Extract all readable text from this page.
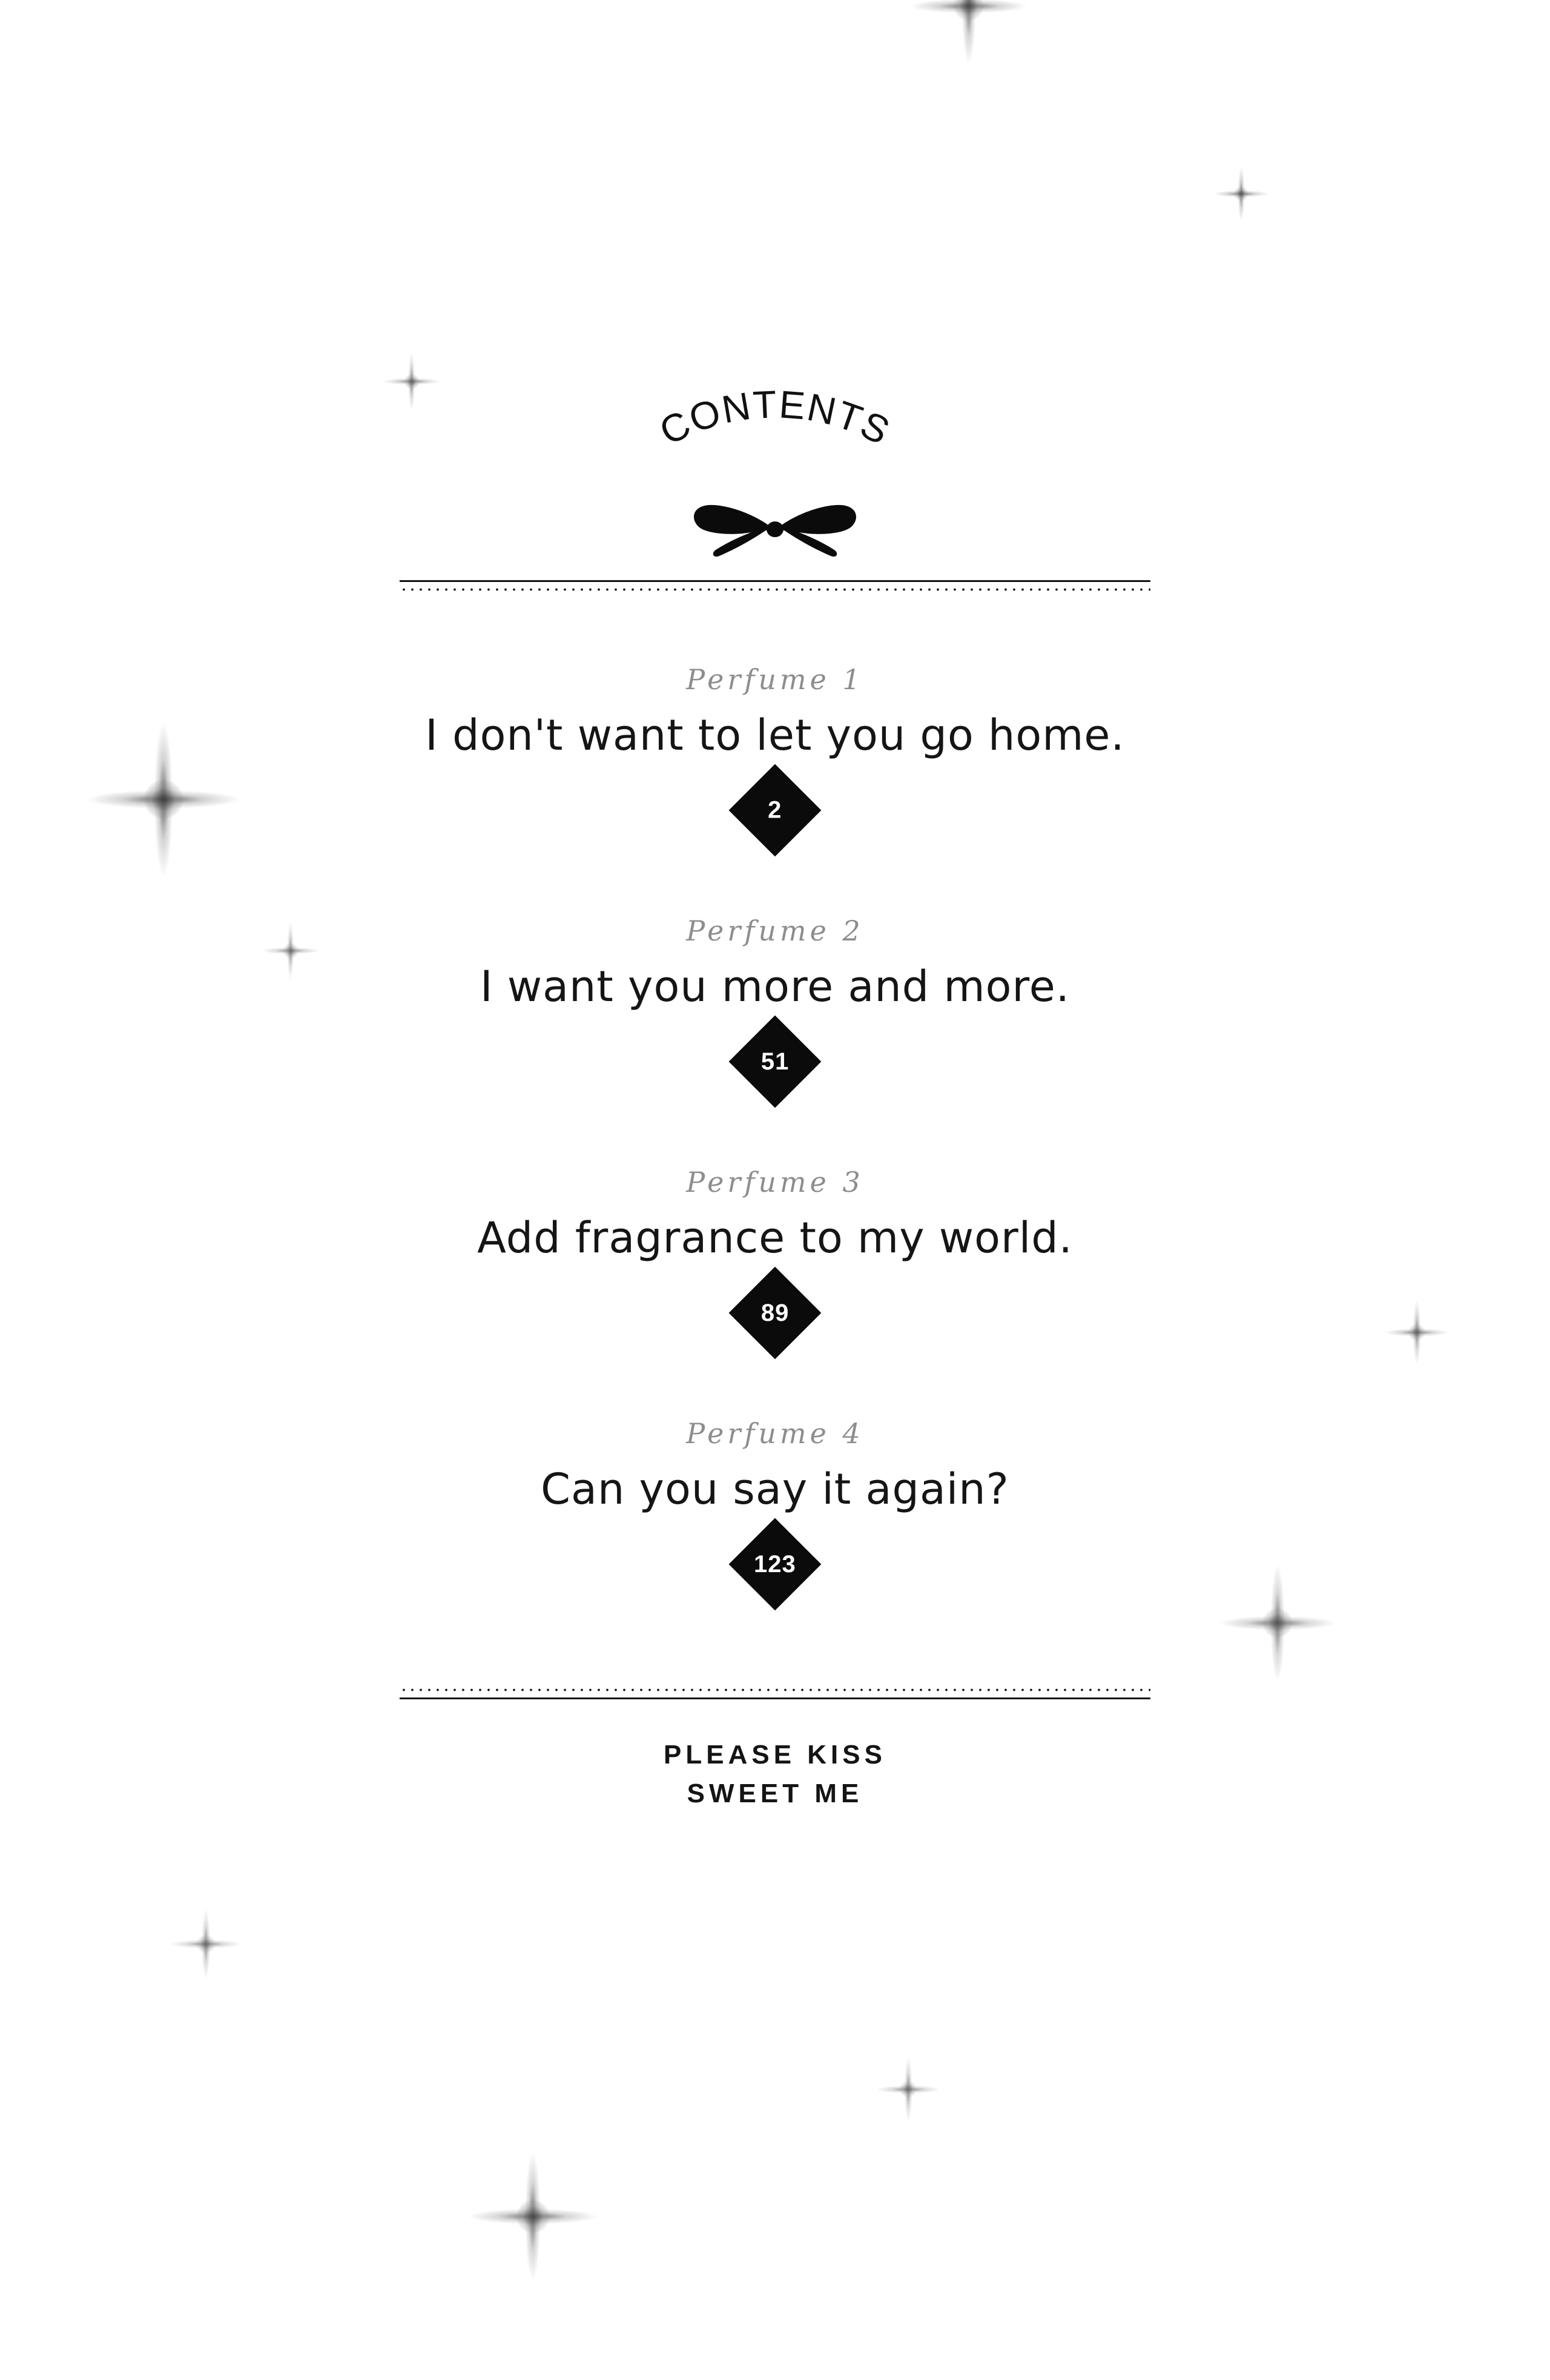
CONTENTS
Perfume 1
I don't want to let you go home.
2
Perfume 2
I want you more and more.
51
Perfume 3
Add fragrance to my world.
89
Perfume 4
Can you say it again?
123
PLEASE KISS
SWEET ME
